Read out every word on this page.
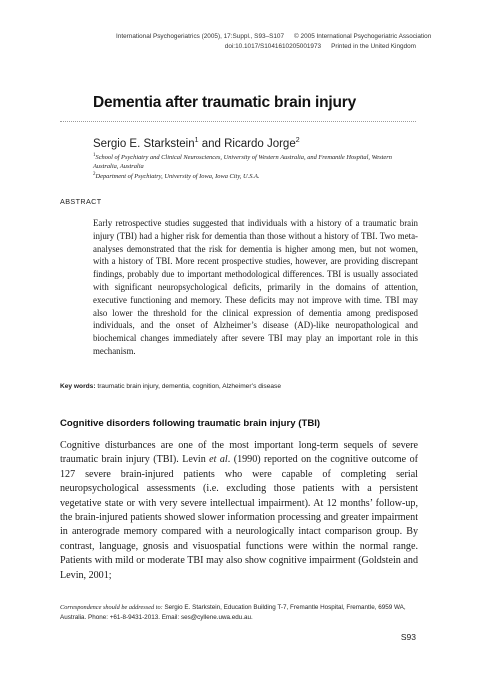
International Psychogeriatrics (2005), 17:Suppl., S93–S107 © 2005 International Psychogeriatric Association
doi:10.1017/S1041610205001973 Printed in the United Kingdom
Dementia after traumatic brain injury
Sergio E. Starkstein$^1$ and Ricardo Jorge$^2$
$^1$School of Psychiatry and Clinical Neurosciences, University of Western Australia, and Fremantle Hospital, Western Australia, Australia
$^2$Department of Psychiatry, University of Iowa, Iowa City, U.S.A.
ABSTRACT

Early retrospective studies suggested that individuals with a history of a traumatic brain injury (TBI) had a higher risk for dementia than those without a history of TBI. Two meta-analyses demonstrated that the risk for dementia is higher among men, but not women, with a history of TBI. More recent prospective studies, however, are providing discrepant findings, probably due to important methodological differences. TBI is usually associated with significant neuropsychological deficits, primarily in the domains of attention, executive functioning and memory. These deficits may not improve with time. TBI may also lower the threshold for the clinical expression of dementia among predisposed individuals, and the onset of Alzheimer’s disease (AD)-like neuropathological and biochemical changes immediately after severe TBI may play an important role in this mechanism.

Key words: traumatic brain injury, dementia, cognition, Alzheimer’s disease
Cognitive disorders following traumatic brain injury (TBI)

Cognitive disturbances are one of the most important long-term sequels of severe traumatic brain injury (TBI). Levin et al. (1990) reported on the cognitive outcome of 127 severe brain-injured patients who were capable of completing serial neuropsychological assessments (i.e. excluding those patients with a persistent vegetative state or with very severe intellectual impairment). At 12 months’ follow-up, the brain-injured patients showed slower information processing and greater impairment in anterograde memory compared with a neurologically intact comparison group. By contrast, language, gnosis and visuospatial functions were within the normal range. Patients with mild or moderate TBI may also show cognitive impairment (Goldstein and Levin, 2001;

Correspondence should be addressed to: Sergio E. Starkstein, Education Building T-7, Fremantle Hospital, Fremantle, 6959 WA, Australia. Phone: +61-8-9431-2013. Email: ses@cyllene.uwa.edu.au.

S93
